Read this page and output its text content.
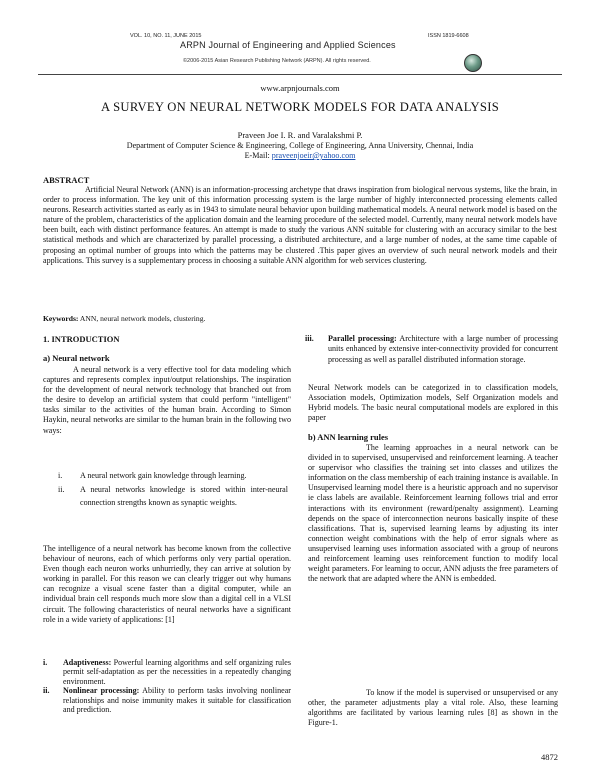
VOL. 10, NO. 11, JUNE 2015	ISSN 1819-6608
ARPN Journal of Engineering and Applied Sciences
©2006-2015 Asian Research Publishing Network (ARPN). All rights reserved.
www.arpnjournals.com
A SURVEY ON NEURAL NETWORK MODELS FOR DATA ANALYSIS
Praveen Joe I. R. and Varalakshmi P.
Department of Computer Science & Engineering, College of Engineering, Anna University, Chennai, India
E-Mail: praveenjoeir@yahoo.com
ABSTRACT
Artificial Neural Network (ANN) is an information-processing archetype that draws inspiration from biological nervous systems, like the brain, in order to process information. The key unit of this information processing system is the large number of highly interconnected processing elements called neurons. Research activities started as early as in 1943 to simulate neural behavior upon building mathematical models. A neural network model is based on the nature of the problem, characteristics of the application domain and the learning procedure of the selected model. Currently, many neural network models have been built, each with distinct performance features. An attempt is made to study the various ANN suitable for clustering with an accuracy similar to the best statistical methods and which are characterized by parallel processing, a distributed architecture, and a large number of nodes, at the same time capable of proposing an optimal number of groups into which the patterns may be clustered .This paper gives an overview of such neural network models and their applications. This survey is a supplementary process in choosing a suitable ANN algorithm for web services clustering.
Keywords: ANN, neural network models, clustering.
1. INTRODUCTION
a) Neural network
A neural network is a very effective tool for data modeling which captures and represents complex input/output relationships. The inspiration for the development of neural network technology that branched out from the desire to develop an artificial system that could perform "intelligent" tasks similar to the activities of the human brain. According to Simon Haykin, neural networks are similar to the human brain in the following two ways:
i.	A neural network gain knowledge through learning.
ii.	A neural networks knowledge is stored within inter-neural connection strengths known as synaptic weights.
The intelligence of a neural network has become known from the collective behaviour of neurons, each of which performs only very partial operation. Even though each neuron works unhurriedly, they can arrive at solution by working in parallel. For this reason we can clearly trigger out why humans can recognize a visual scene faster than a digital computer, while an individual brain cell responds much more slow than a digital cell in a VLSI circuit. The following characteristics of neural networks have a significant role in a wide variety of applications: [1]
i.	Adaptiveness: Powerful learning algorithms and self organizing rules permit self-adaptation as per the necessities in a repeatedly changing environment.
ii.	Nonlinear processing: Ability to perform tasks involving nonlinear relationships and noise immunity makes it suitable for classification and prediction.
iii.	Parallel processing: Architecture with a large number of processing units enhanced by extensive inter-connectivity provided for concurrent processing as well as parallel distributed information storage.
Neural Network models can be categorized in to classification models, Association models, Optimization models, Self Organization models and Hybrid models. The basic neural computational models are explored in this paper
b) ANN learning rules
The learning approaches in a neural network can be divided in to supervised, unsupervised and reinforcement learning. A teacher or supervisor who classifies the training set into classes and utilizes the information on the class membership of each training instance is available. In Unsupervised learning model there is a heuristic approach and no supervisor ie class labels are available. Reinforcement learning follows trial and error interactions with its environment (reward/penalty assignment). Learning depends on the space of interconnection neurons basically inspite of these classifications. That is, supervised learning learns by adjusting its inter connection weight combinations with the help of error signals where as unsupervised learning uses information associated with a group of neurons and reinforcement learning uses reinforcement function to modify local weight parameters. For learning to occur, ANN adjusts the free parameters of the network that are adapted where the ANN is embedded.
To know if the model is supervised or unsupervised or any other, the parameter adjustments play a vital role. Also, these learning algorithms are facilitated by various learning rules [8] as shown in the Figure-1.
4872
